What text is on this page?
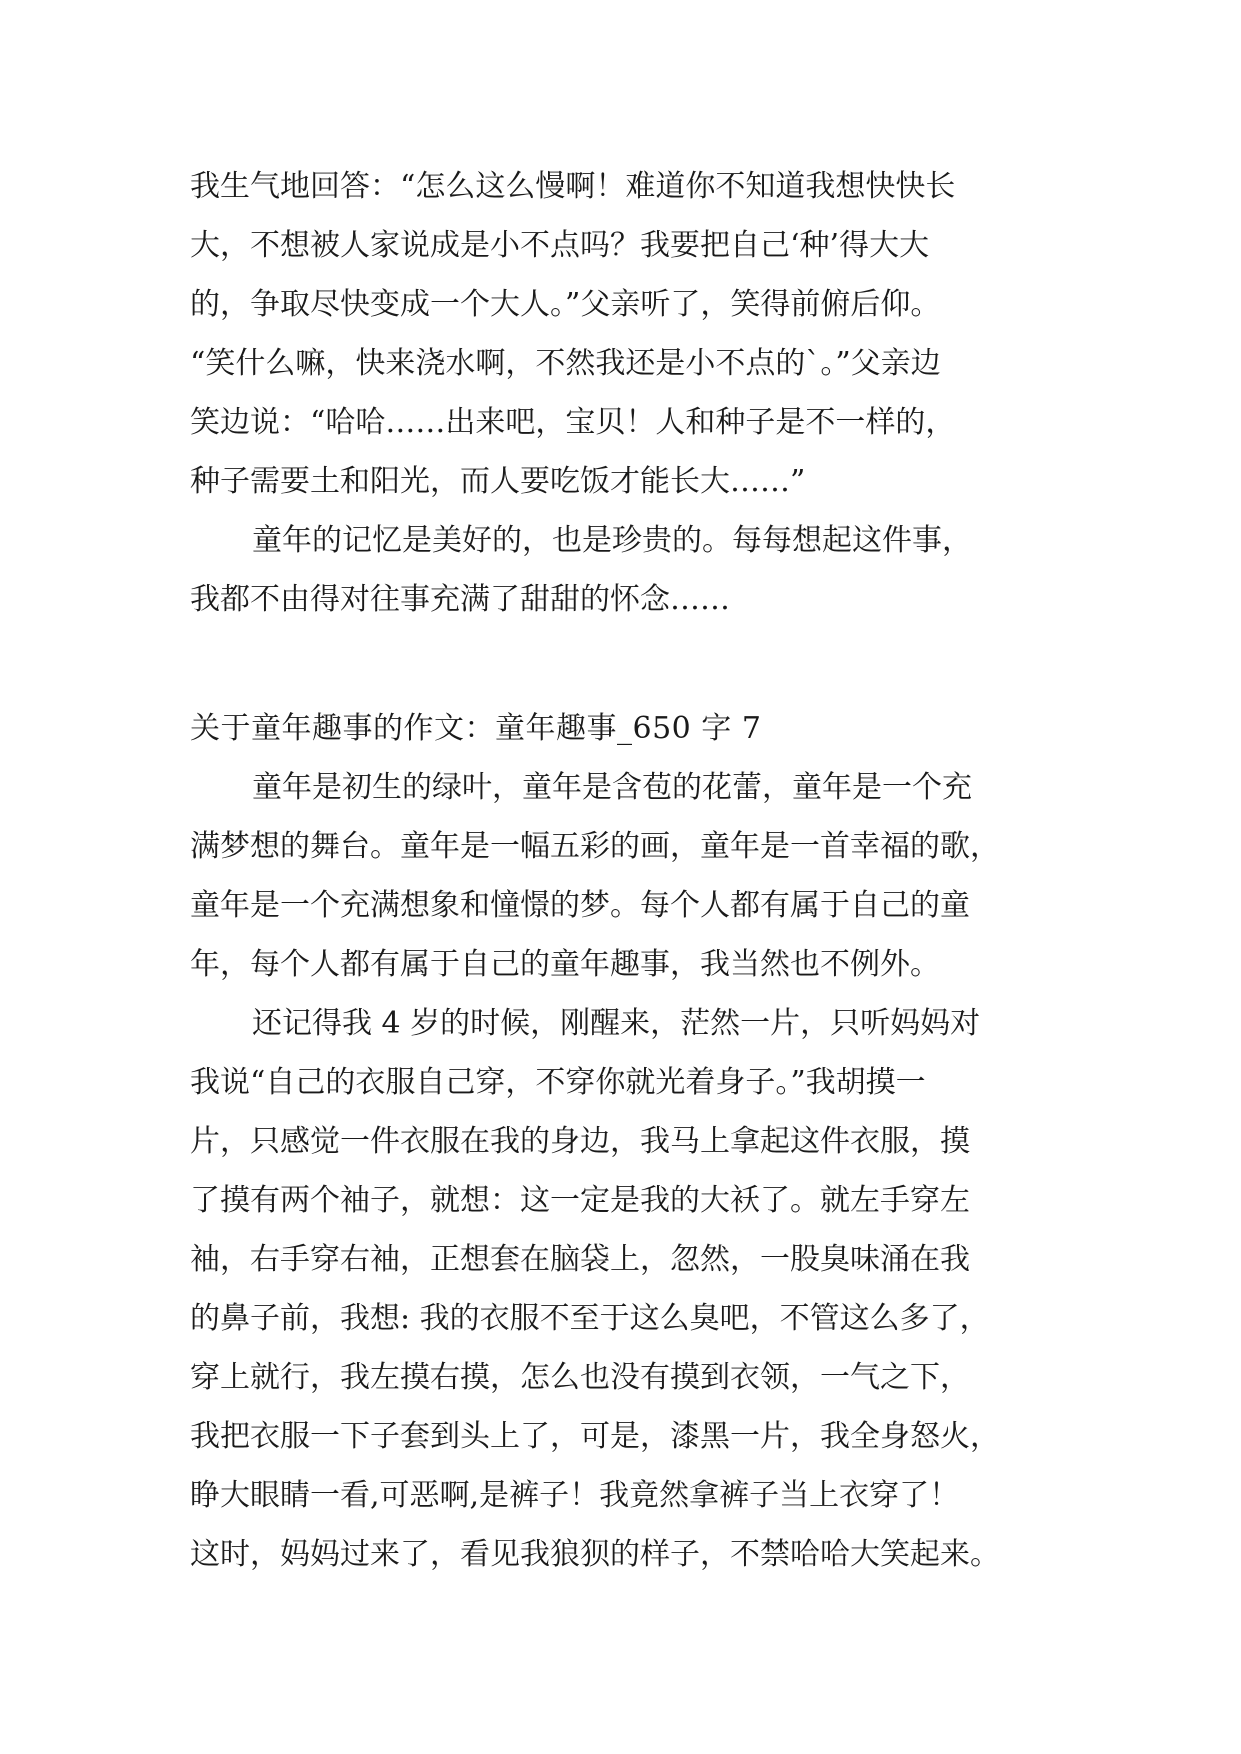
我生气地回答：“怎么这么慢啊！难道你不知道我想快快长
大，不想被人家说成是小不点吗？我要把自己‘种’得大大
的，争取尽快变成一个大人。”父亲听了，笑得前俯后仰。
“笑什么嘛，快来浇水啊，不然我还是小不点的`。”父亲边
笑边说：“哈哈……出来吧，宝贝！人和种子是不一样的，
种子需要土和阳光，而人要吃饭才能长大……”
童年的记忆是美好的，也是珍贵的。每每想起这件事，
我都不由得对往事充满了甜甜的怀念……
关于童年趣事的作文：童年趣事_650 字 7
童年是初生的绿叶，童年是含苞的花蕾，童年是一个充
满梦想的舞台。童年是一幅五彩的画，童年是一首幸福的歌，
童年是一个充满想象和憧憬的梦。每个人都有属于自己的童
年，每个人都有属于自己的童年趣事，我当然也不例外。
还记得我 4 岁的时候，刚醒来，茫然一片，只听妈妈对
我说“自己的衣服自己穿，不穿你就光着身子。”我胡摸一
片，只感觉一件衣服在我的身边，我马上拿起这件衣服，摸
了摸有两个袖子，就想：这一定是我的大袄了。就左手穿左
袖，右手穿右袖，正想套在脑袋上，忽然，一股臭味涌在我
的鼻子前，我想: 我的衣服不至于这么臭吧，不管这么多了，
穿上就行，我左摸右摸，怎么也没有摸到衣领，一气之下，
我把衣服一下子套到头上了，可是，漆黑一片，我全身怒火，
睁大眼睛一看,可恶啊,是裤子！我竟然拿裤子当上衣穿了！
这时，妈妈过来了，看见我狼狈的样子，不禁哈哈大笑起来。
